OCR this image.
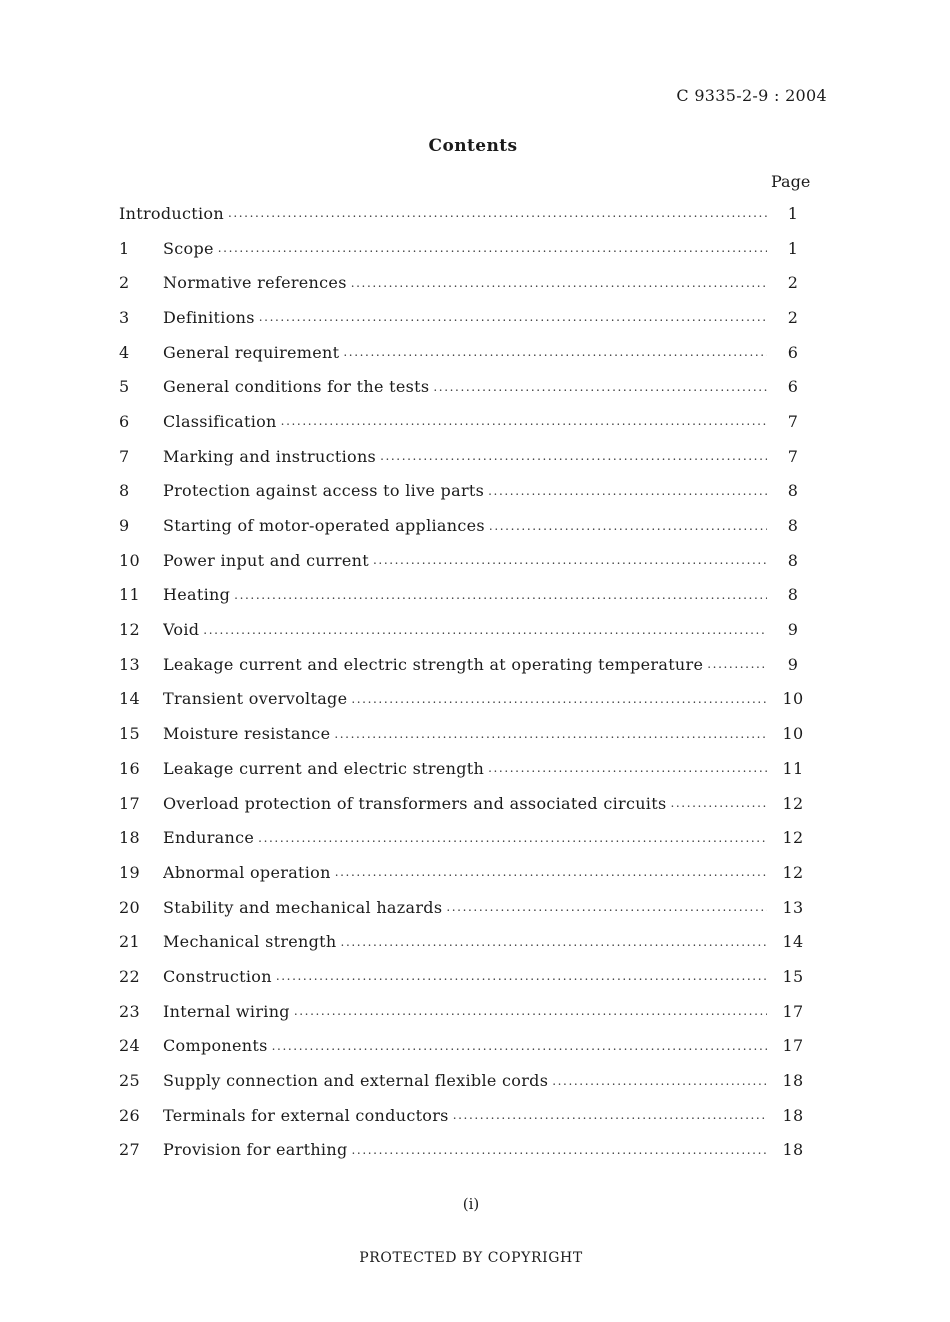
C 9335-2-9 : 2004
Contents
Page
Introduction .....	1
1	Scope .....	1
2	Normative references .....	2
3	Definitions .....	2
4	General requirement .....	6
5	General conditions for the tests .....	6
6	Classification .....	7
7	Marking and instructions .....	7
8	Protection against access to live parts .....	8
9	Starting of motor-operated appliances .....	8
10	Power input and current .....	8
11	Heating .....	8
12	Void .....	9
13	Leakage current and electric strength at operating temperature .....	9
14	Transient overvoltage .....	10
15	Moisture resistance .....	10
16	Leakage current and electric strength .....	11
17	Overload protection of transformers and associated circuits .....	12
18	Endurance .....	12
19	Abnormal operation .....	12
20	Stability and mechanical hazards .....	13
21	Mechanical strength .....	14
22	Construction .....	15
23	Internal wiring .....	17
24	Components .....	17
25	Supply connection and external flexible cords .....	18
26	Terminals for external conductors .....	18
27	Provision for earthing .....	18
(i)
PROTECTED BY COPYRIGHT
